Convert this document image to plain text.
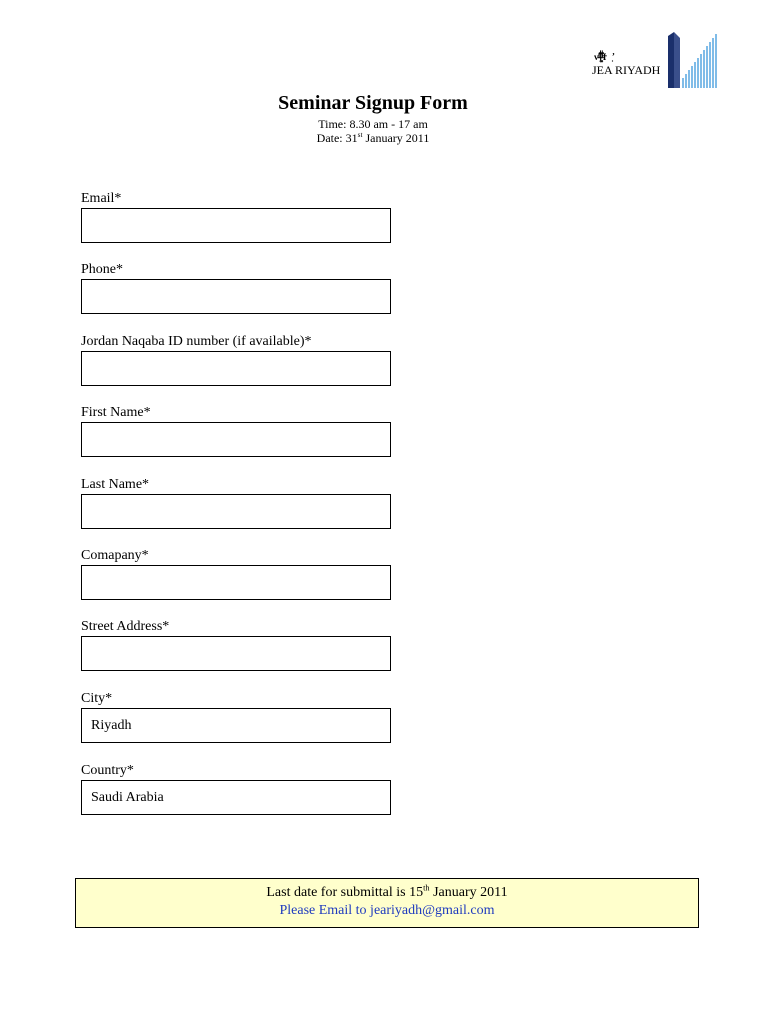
v ͳ̶͚̅̎ϮͿ̛͔
JEA RIYADH
Seminar Signup Form
Time: 8.30 am - 17 am
Date: 31st January 2011
Email*
Phone*
Jordan Naqaba ID number (if available)*
First Name*
Last Name*
Comapany*
Street Address*
City*
Riyadh
Country*
Saudi Arabia
Last date for submittal is 15th January 2011
Please Email to jeariyadh@gmail.com
